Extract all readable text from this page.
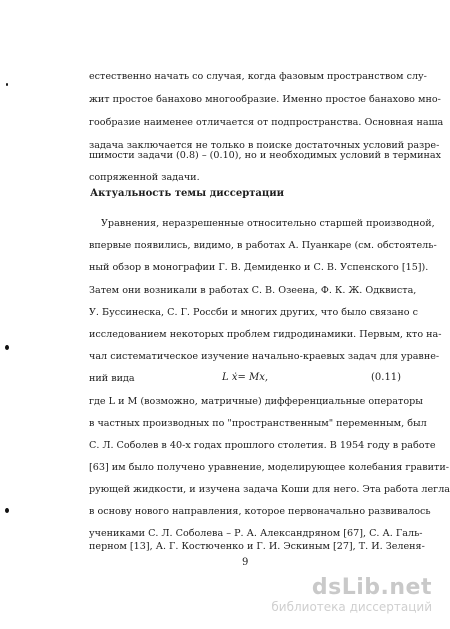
естественно начать со случая, когда фазовым пространством слу-
жит простое банахово многообразие. Именно простое банахово мно-
гообразие наименее отличается от подпространства. Основная наша
задача заключается не только в поиске достаточных условий разре-
шимости задачи (0.8) – (0.10), но и необходимых условий в терминах
сопряженной задачи.
Актуальность темы диссертации
Уравнения, неразрешенные относительно старшей производной,
впервые появились, видимо, в работах А. Пуанкаре (см. обстоятель-
ный обзор в монографии Г. В. Демиденко и С. В. Успенского [15]).
Затем они возникали в работах С. В. Озеена, Ф. К. Ж. Одквиста,
У. Буссинеска, С. Г. Россби и многих других, что было связано с
исследованием некоторых проблем гидродинамики. Первым, кто на-
чал систематическое изучение начально-краевых задач для уравне-
ний вида	L ẋ= Mx,	(0.11)
где L и M (возможно, матричные) дифференциальные операторы
в частных производных по "пространственным" переменным, был
С. Л. Соболев в 40-х годах прошлого столетия. В 1954 году в работе
[63] им было получено уравнение, моделирующее колебания гравити-
рующей жидкости, и изучена задача Коши для него. Эта работа легла
в основу нового направления, которое первоначально развивалось
учениками С. Л. Соболева – Р. А. Александряном [67], С. А. Галь-
перном [13], А. Г. Костюченко и Г. И. Эскиным [27], Т. И. Зеленя-
9
dsLib.net
библиотека диссертаций
